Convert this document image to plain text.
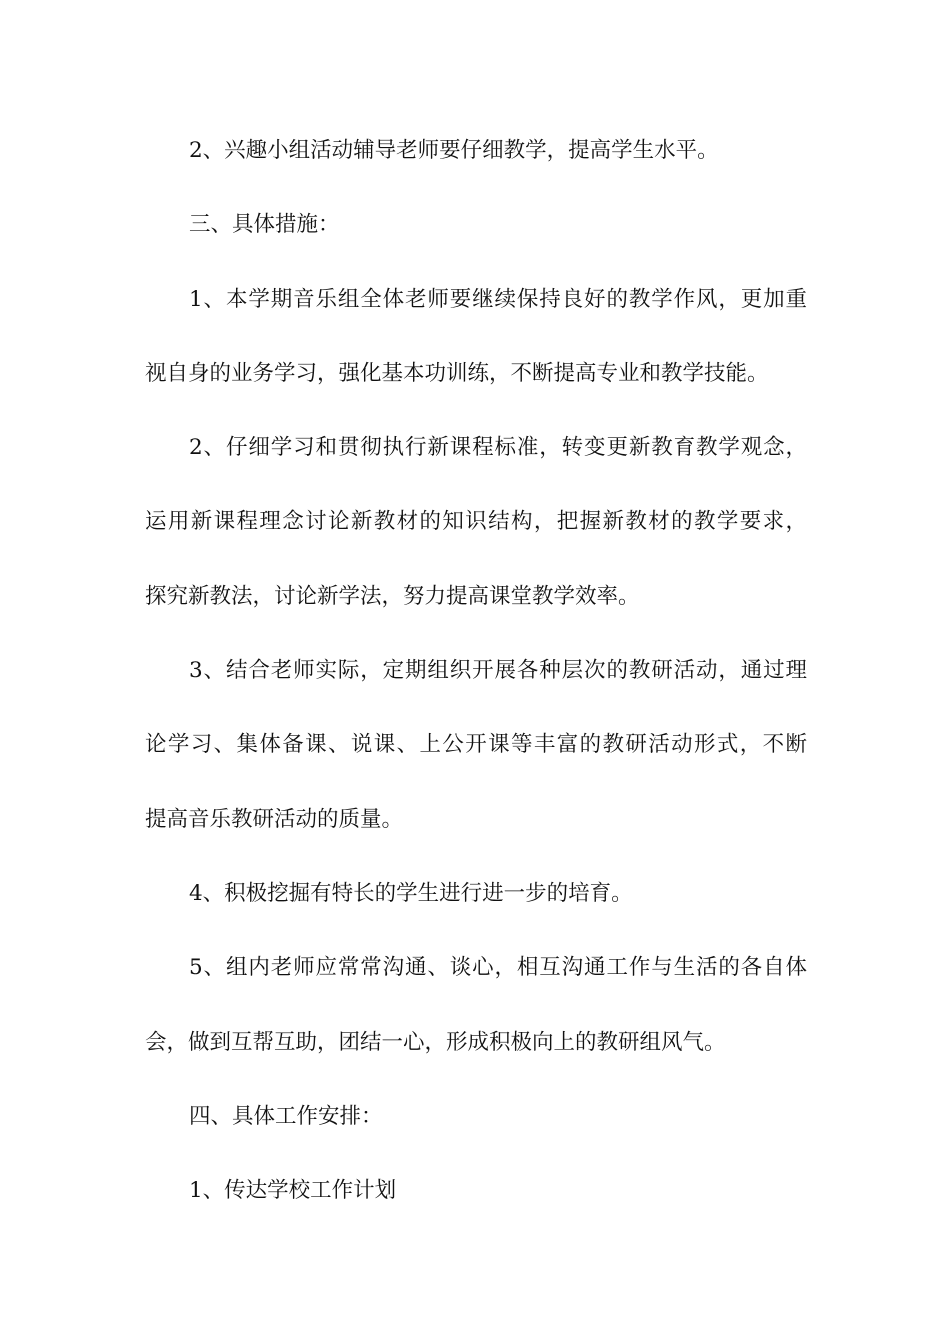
2、兴趣小组活动辅导老师要仔细教学，提高学生水平。
三、具体措施：
1、本学期音乐组全体老师要继续保持良好的教学作风，更加重
视自身的业务学习，强化基本功训练，不断提高专业和教学技能。
2、仔细学习和贯彻执行新课程标准，转变更新教育教学观念，
运用新课程理念讨论新教材的知识结构，把握新教材的教学要求，
探究新教法，讨论新学法，努力提高课堂教学效率。
3、结合老师实际，定期组织开展各种层次的教研活动，通过理
论学习、集体备课、说课、上公开课等丰富的教研活动形式，不断
提高音乐教研活动的质量。
4、积极挖掘有特长的学生进行进一步的培育。
5、组内老师应常常沟通、谈心，相互沟通工作与生活的各自体
会，做到互帮互助，团结一心，形成积极向上的教研组风气。
四、具体工作安排：
1、传达学校工作计划
